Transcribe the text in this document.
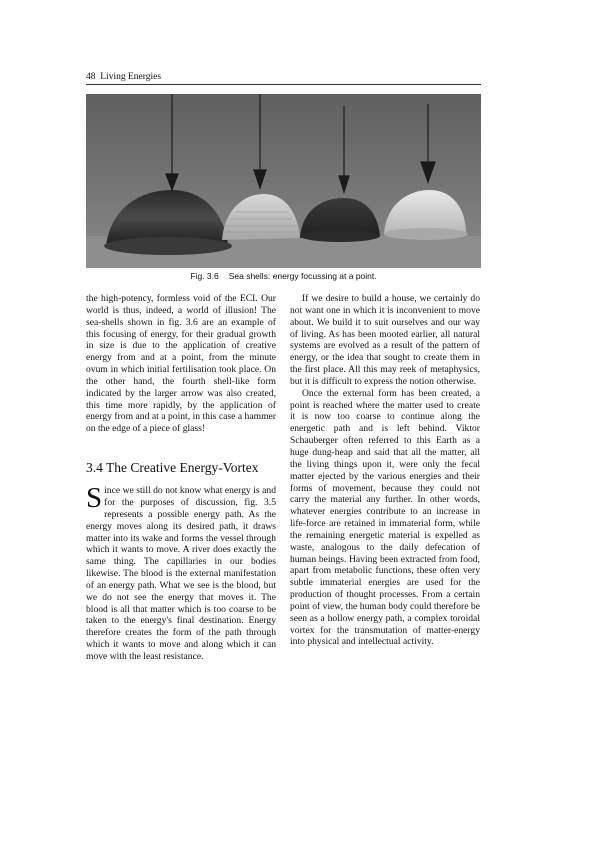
48 Living Energies
Fig. 3.6 Sea shells: energy focussing at a point.

the high-potency, formless void of the ECI. Our world is thus, indeed, a world of illusion! The sea-shells shown in fig. 3.6 are an example of this focusing of energy, for their gradual growth in size is due to the application of creative energy from and at a point, from the minute ovum in which initial fertilisation took place. On the other hand, the fourth shell-like form indicated by the larger arrow was also created, this time more rapidly, by the application of energy from and at a point, in this case a hammer on the edge of a piece of glass!

3.4 The Creative Energy-Vortex

Since we still do not know what energy is and for the purposes of discussion, fig. 3.5 represents a possible energy path. As the energy moves along its desired path, it draws matter into its wake and forms the vessel through which it wants to move. A river does exactly the same thing. The capillaries in our bodies likewise. The blood is the external manifestation of an energy path. What we see is the blood, but we do not see the energy that moves it. The blood is all that matter which is too coarse to be taken to the energy's final destination. Energy therefore creates the form of the path through which it wants to move and along which it can move with the least resistance.

If we desire to build a house, we certainly do not want one in which it is inconvenient to move about. We build it to suit ourselves and our way of living. As has been mooted earlier, all natural systems are evolved as a result of the pattern of energy, or the idea that sought to create them in the first place. All this may reek of metaphysics, but it is difficult to express the notion otherwise.

Once the external form has been created, a point is reached where the matter used to create it is now too coarse to continue along the energetic path and is left behind. Viktor Schauberger often referred to this Earth as a huge dung-heap and said that all the matter, all the living things upon it, were only the fecal matter ejected by the various energies and their forms of movement, because they could not carry the material any further. In other words, whatever energies contribute to an increase in life-force are retained in immaterial form, while the remaining energetic material is expelled as waste, analogous to the daily defecation of human beings. Having been extracted from food, apart from metabolic functions, these often very subtle immaterial energies are used for the production of thought processes. From a certain point of view, the human body could therefore be seen as a hollow energy path, a complex toroidal vortex for the transmutation of matter-energy into physical and intellectual activity.
